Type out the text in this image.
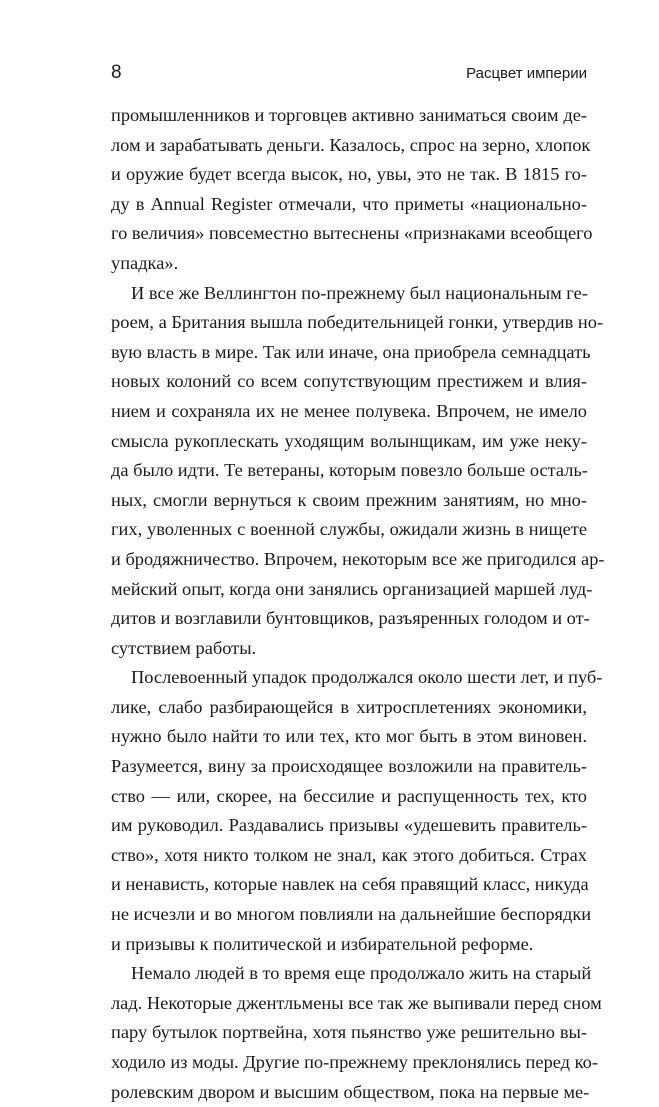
8	Расцвет империи

промышленников и торговцев активно заниматься своим де-
лом и зарабатывать деньги. Казалось, спрос на зерно, хлопок
и оружие будет всегда высок, но, увы, это не так. В 1815 го-
ду в Annual Register отмечали, что приметы «национально-
го величия» повсеместно вытеснены «признаками всеобщего
упадка».

И все же Веллингтон по-прежнему был национальным ге-
роем, а Британия вышла победительницей гонки, утвердив но-
вую власть в мире. Так или иначе, она приобрела семнадцать
новых колоний со всем сопутствующим престижем и влия-
нием и сохраняла их не менее полувека. Впрочем, не имело
смысла рукоплескать уходящим волынщикам, им уже неку-
да было идти. Те ветераны, которым повезло больше осталь-
ных, смогли вернуться к своим прежним занятиям, но мно-
гих, уволенных с военной службы, ожидали жизнь в нищете
и бродяжничество. Впрочем, некоторым все же пригодился ар-
мейский опыт, когда они занялись организацией маршей луд-
дитов и возглавили бунтовщиков, разъяренных голодом и от-
сутствием работы.

Послевоенный упадок продолжался около шести лет, и пуб-
лике, слабо разбирающейся в хитросплетениях экономики,
нужно было найти то или тех, кто мог быть в этом виновен.
Разумеется, вину за происходящее возложили на правитель-
ство — или, скорее, на бессилие и распущенность тех, кто
им руководил. Раздавались призывы «удешевить правитель-
ство», хотя никто толком не знал, как этого добиться. Страх
и ненависть, которые навлек на себя правящий класс, никуда
не исчезли и во многом повлияли на дальнейшие беспорядки
и призывы к политической и избирательной реформе.

Немало людей в то время еще продолжало жить на старый
лад. Некоторые джентльмены все так же выпивали перед сном
пару бутылок портвейна, хотя пьянство уже решительно вы-
ходило из моды. Другие по-прежнему преклонялись перед ко-
ролевским двором и высшим обществом, пока на первые ме-
